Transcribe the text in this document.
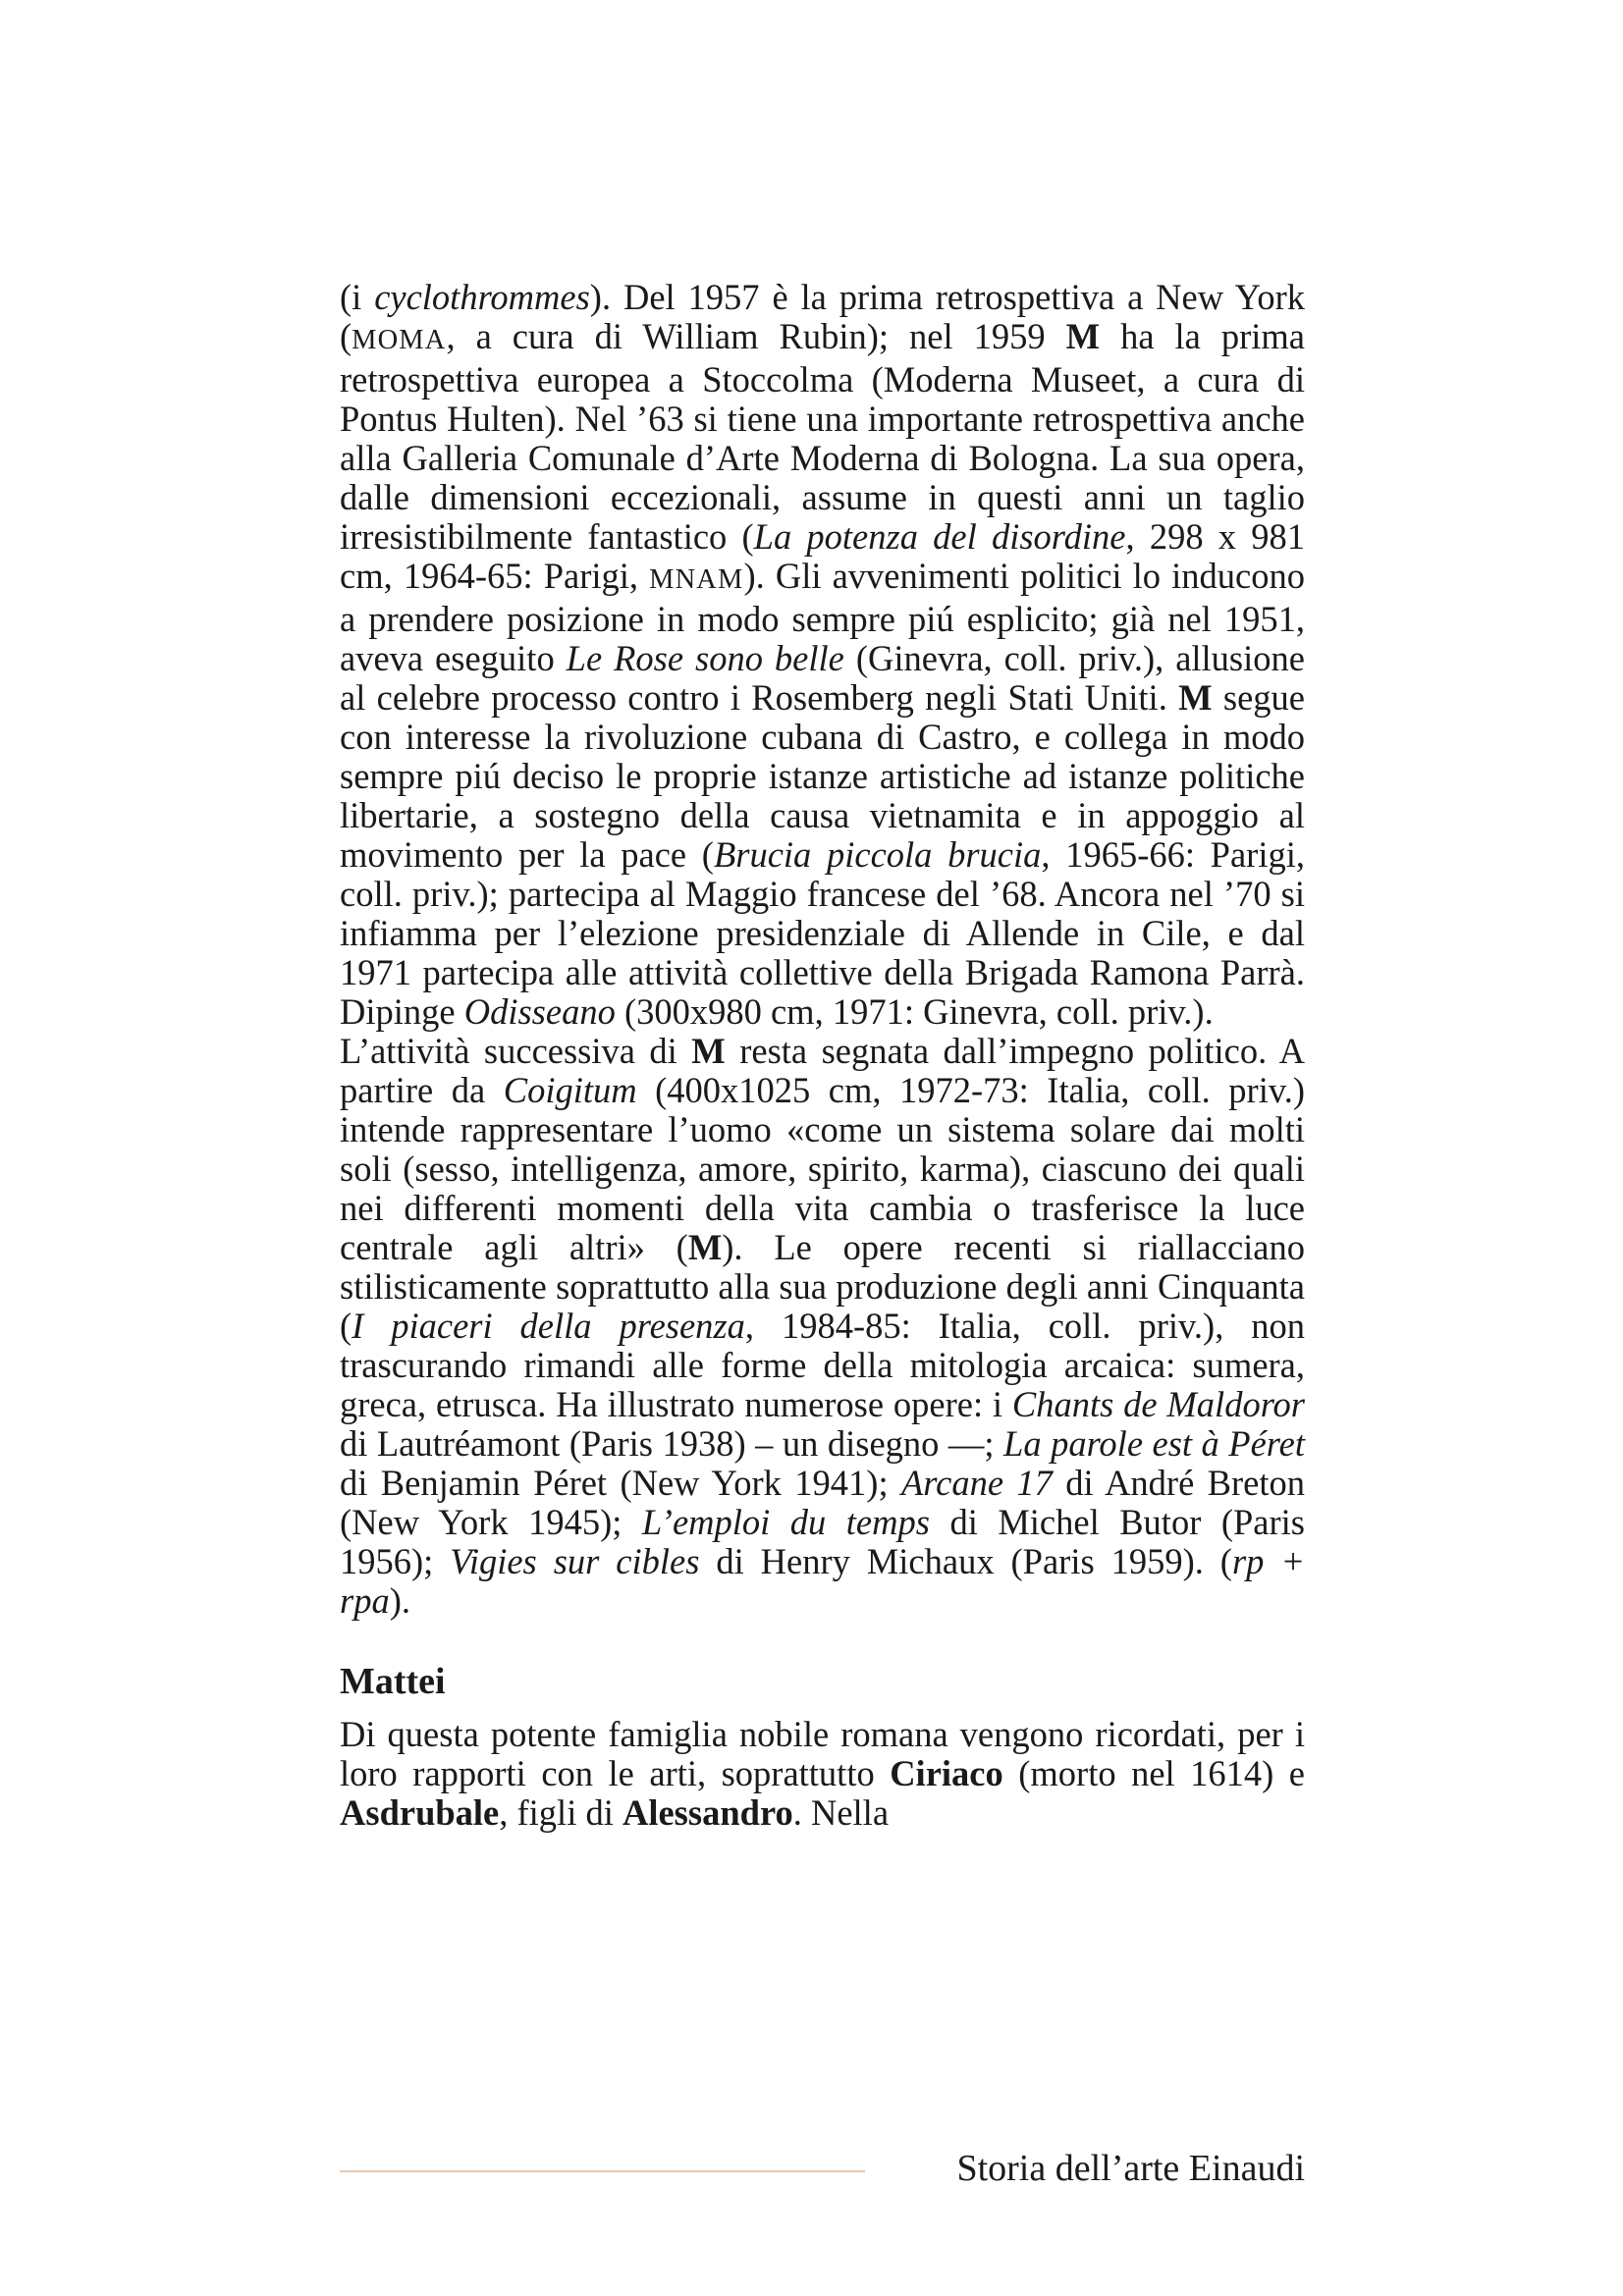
(i cyclothrommes). Del 1957 è la prima retrospettiva a New York (MOMA, a cura di William Rubin); nel 1959 M ha la prima retrospettiva europea a Stoccolma (Moderna Museet, a cura di Pontus Hulten). Nel ’63 si tiene una importante retrospettiva anche alla Galleria Comunale d’Arte Moderna di Bologna. La sua opera, dalle dimensioni eccezionali, assume in questi anni un taglio irresistibilmente fantastico (La potenza del disordine, 298 x 981 cm, 1964-65: Parigi, MNAM). Gli avvenimenti politici lo inducono a prendere posizione in modo sempre piú esplicito; già nel 1951, aveva eseguito Le Rose sono belle (Ginevra, coll. priv.), allusione al celebre processo contro i Rosemberg negli Stati Uniti. M segue con interesse la rivoluzione cubana di Castro, e collega in modo sempre piú deciso le proprie istanze artistiche ad istanze politiche libertarie, a sostegno della causa vietnamita e in appoggio al movimento per la pace (Brucia piccola brucia, 1965-66: Parigi, coll. priv.); partecipa al Maggio francese del ’68. Ancora nel ’70 si infiamma per l’elezione presidenziale di Allende in Cile, e dal 1971 partecipa alle attività collettive della Brigada Ramona Parrà. Dipinge Odisseano (300x980 cm, 1971: Ginevra, coll. priv.).

L’attività successiva di M resta segnata dall’impegno politico. A partire da Coigitum (400x1025 cm, 1972-73: Italia, coll. priv.) intende rappresentare l’uomo «come un sistema solare dai molti soli (sesso, intelligenza, amore, spirito, karma), ciascuno dei quali nei differenti momenti della vita cambia o trasferisce la luce centrale agli altri» (M). Le opere recenti si riallacciano stilisticamente soprattutto alla sua produzione degli anni Cinquanta (I piaceri della presenza, 1984-85: Italia, coll. priv.), non trascurando rimandi alle forme della mitologia arcaica: sumera, greca, etrusca. Ha illustrato numerose opere: i Chants de Maldoror di Lautréamont (Paris 1938) – un disegno —; La parole est à Péret di Benjamin Péret (New York 1941); Arcane 17 di André Breton (New York 1945); L’emploi du temps di Michel Butor (Paris 1956); Vigies sur cibles di Henry Michaux (Paris 1959). (rp + rpa).

Mattei

Di questa potente famiglia nobile romana vengono ricordati, per i loro rapporti con le arti, soprattutto Ciriaco (morto nel 1614) e Asdrubale, figli di Alessandro. Nella

Storia dell’arte Einaudi
